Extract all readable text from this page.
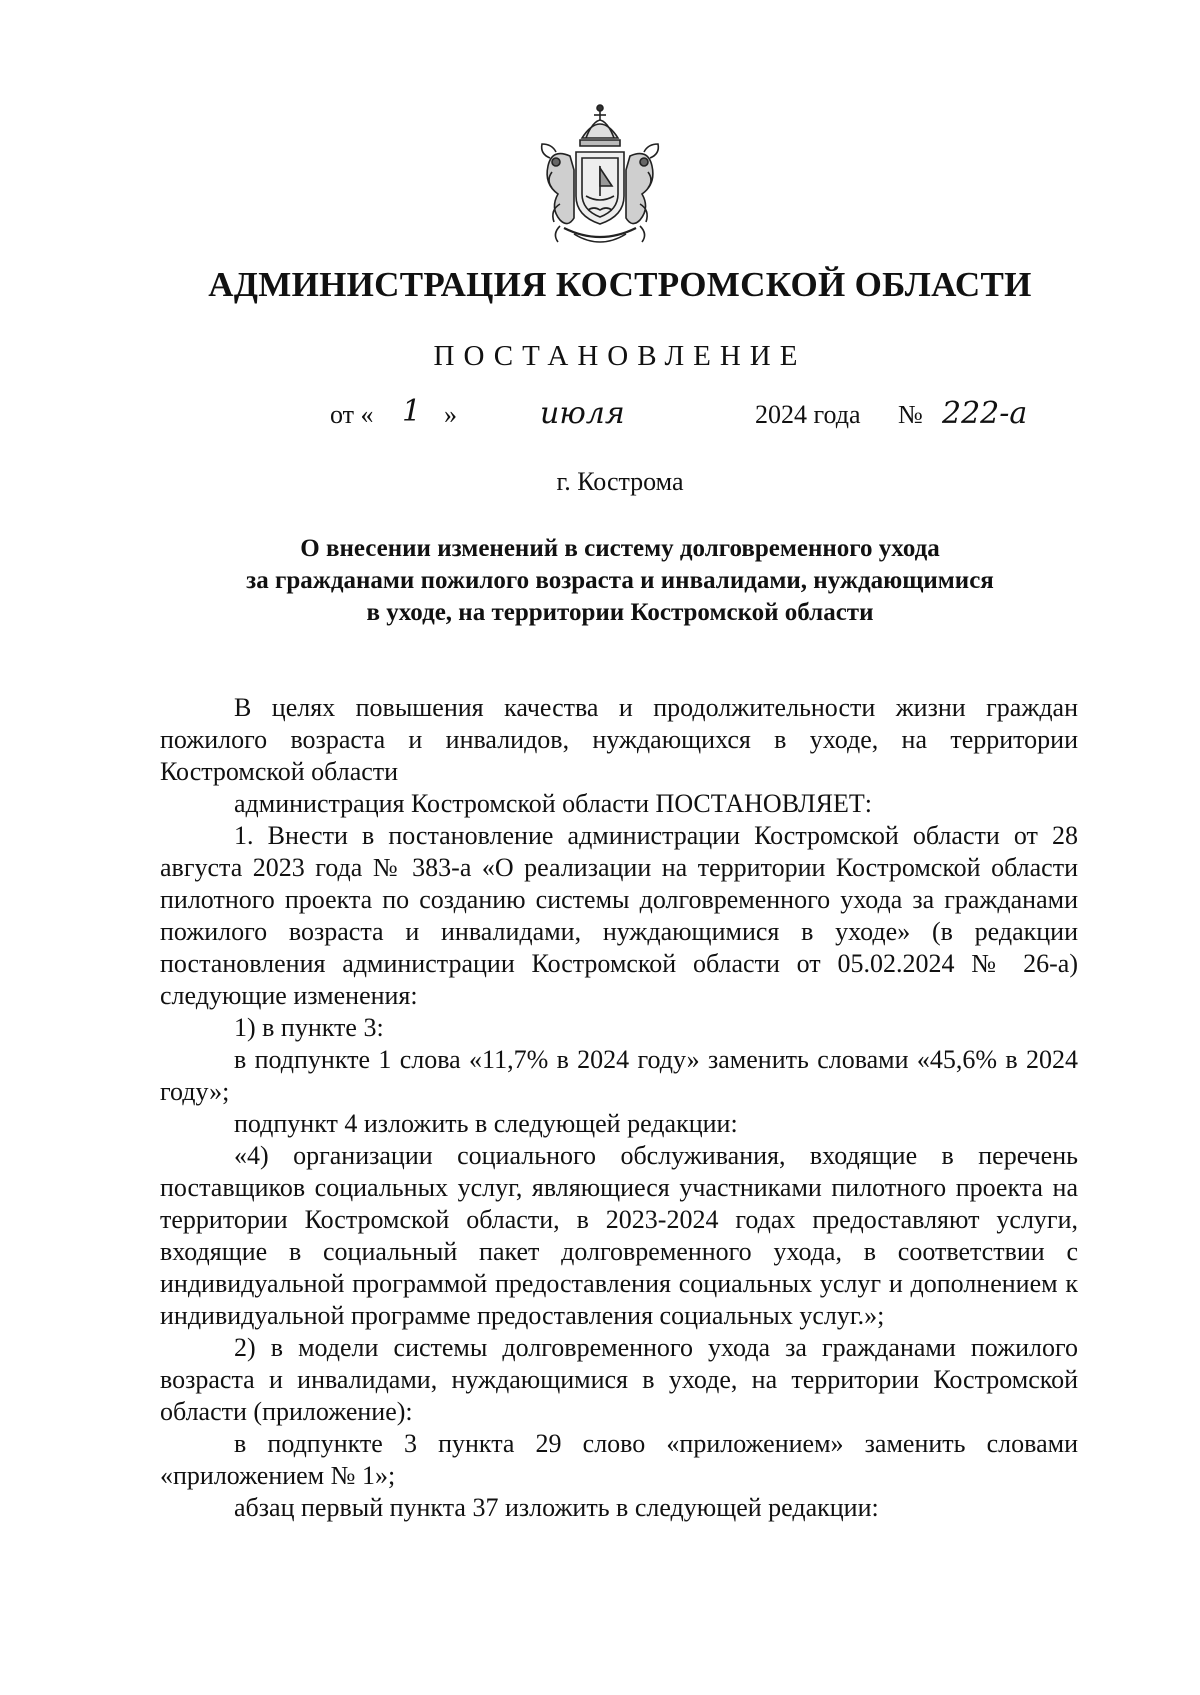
АДМИНИСТРАЦИЯ КОСТРОМСКОЙ ОБЛАСТИ
ПОСТАНОВЛЕНИЕ
от « 1 »	июля	2024 года № 222-а
г. Кострома
О внесении изменений в систему долговременного ухода
за гражданами пожилого возраста и инвалидами, нуждающимися
в уходе, на территории Костромской области

В целях повышения качества и продолжительности жизни граждан пожилого возраста и инвалидов, нуждающихся в уходе, на территории Костромской области

администрация Костромской области ПОСТАНОВЛЯЕТ:

1. Внести в постановление администрации Костромской области от 28 августа 2023 года № 383-а «О реализации на территории Костромской области пилотного проекта по созданию системы долговременного ухода за гражданами пожилого возраста и инвалидами, нуждающимися в уходе» (в редакции постановления администрации Костромской области от 05.02.2024 № 26-а) следующие изменения:

1) в пункте 3:

в подпункте 1 слова «11,7% в 2024 году» заменить словами «45,6% в 2024 году»;

подпункт 4 изложить в следующей редакции:

«4) организации социального обслуживания, входящие в перечень поставщиков социальных услуг, являющиеся участниками пилотного проекта на территории Костромской области, в 2023-2024 годах предоставляют услуги, входящие в социальный пакет долговременного ухода, в соответствии с индивидуальной программой предоставления социальных услуг и дополнением к индивидуальной программе предоставления социальных услуг.»;

2) в модели системы долговременного ухода за гражданами пожилого возраста и инвалидами, нуждающимися в уходе, на территории Костромской области (приложение):

в подпункте 3 пункта 29 слово «приложением» заменить словами «приложением № 1»;

абзац первый пункта 37 изложить в следующей редакции:
